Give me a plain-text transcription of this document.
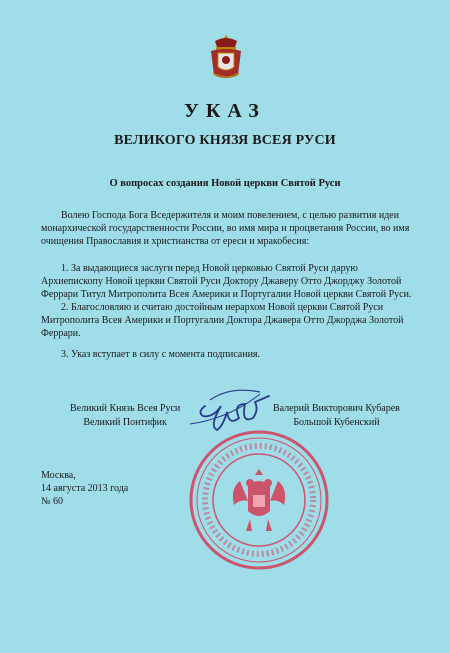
УКАЗ
ВЕЛИКОГО КНЯЗЯ ВСЕЯ РУСИ
О вопросах создания Новой церкви Святой Руси
Волею Господа Бога Вседержителя и моим повелением, с целью развития идеи монархической государственности России, во имя мира и процветания России, во имя очищения Православия и христианства от ереси и мракобесия:
1. За выдающиеся заслуги перед Новой церковью Святой Руси дарую Архиепископу Новой церкви Святой Руси Доктору Джаверу Отто Джорджу Золотой Феррари Титул Митрополита Всея Америки и Португалии Новой церкви Святой Руси.
2. Благословляю и считаю достойным иерархом Новой церкви Святой Руси Митрополита Всея Америки и Португалии Доктора Джавера Отто Джорджа Золотой Феррари.
3. Указ вступает в силу с момента подписания.
Великий Князь Всея Руси
Великий Понтифик
Валерий Викторович Кубарев
Большой Кубенский
Москва,
14 августа 2013 года
№ 60
